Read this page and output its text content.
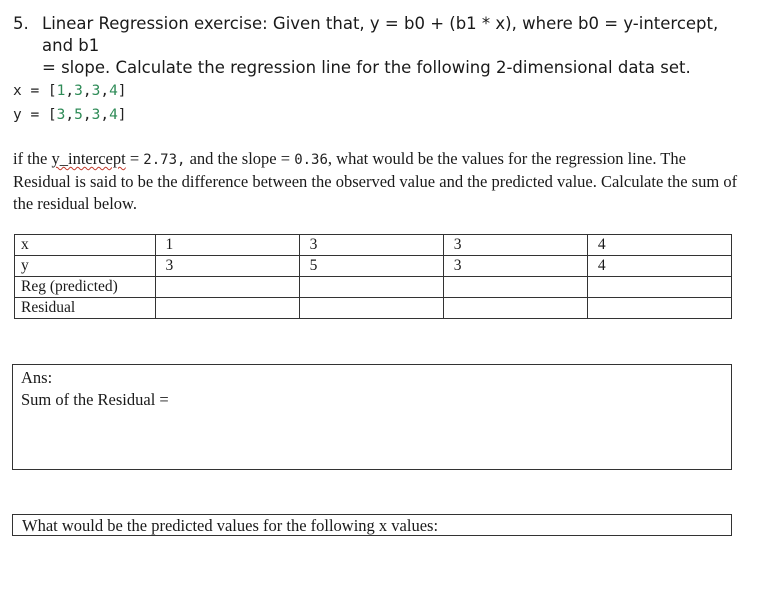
5. Linear Regression exercise: Given that, y = b0 + (b1 * x), where b0 = y-intercept, and b1
= slope. Calculate the regression line for the following 2-dimensional data set.
x = [1,3,3,4]
y = [3,5,3,4]
if the y_intercept = 2.73, and the slope = 0.36, what would be the values for the regression line. The Residual is said to be the difference between the observed value and the predicted value. Calculate the sum of the residual below.
x	1	3	3	4
y	3	5	3	4
Reg (predicted)				
Residual				
Ans:
Sum of the Residual =
What would be the predicted values for the following x values:
